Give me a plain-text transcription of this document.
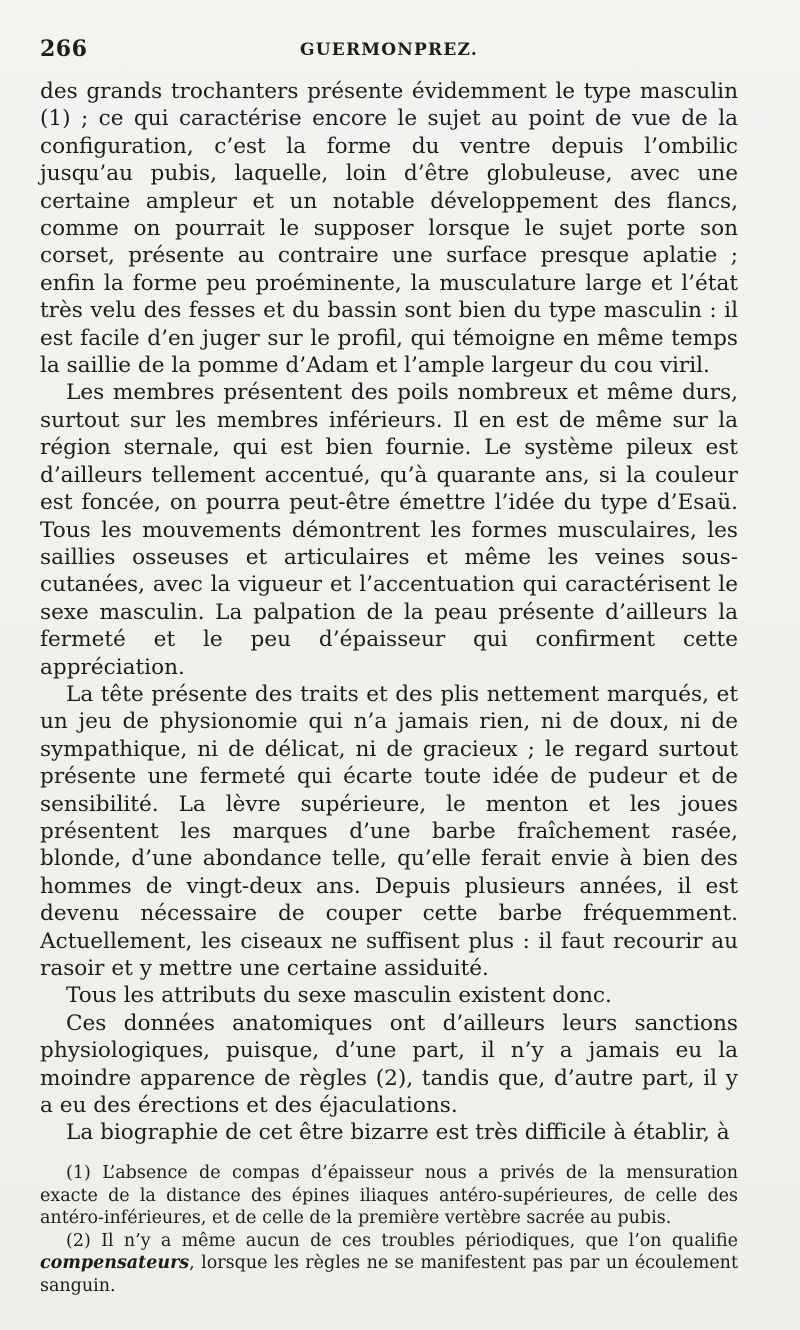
266	GUERMONPREZ.

des grands trochanters présente évidemment le type masculin (1) ; ce qui caractérise encore le sujet au point de vue de la configuration, c’est la forme du ventre depuis l’ombilic jusqu’au pubis, laquelle, loin d’être globuleuse, avec une certaine ampleur et un notable développement des flancs, comme on pourrait le supposer lorsque le sujet porte son corset, présente au contraire une surface presque aplatie ; enfin la forme peu proéminente, la musculature large et l’état très velu des fesses et du bassin sont bien du type masculin : il est facile d’en juger sur le profil, qui témoigne en même temps la saillie de la pomme d’Adam et l’ample largeur du cou viril.

Les membres présentent des poils nombreux et même durs, surtout sur les membres inférieurs. Il en est de même sur la région sternale, qui est bien fournie. Le système pileux est d’ailleurs tellement accentué, qu’à quarante ans, si la couleur est foncée, on pourra peut-être émettre l’idée du type d’Esaü. Tous les mouvements démontrent les formes musculaires, les saillies osseuses et articulaires et même les veines sous-cutanées, avec la vigueur et l’accentuation qui caractérisent le sexe masculin. La palpation de la peau présente d’ailleurs la fermeté et le peu d’épaisseur qui confirment cette appréciation.

La tête présente des traits et des plis nettement marqués, et un jeu de physionomie qui n’a jamais rien, ni de doux, ni de sympathique, ni de délicat, ni de gracieux ; le regard surtout présente une fermeté qui écarte toute idée de pudeur et de sensibilité. La lèvre supérieure, le menton et les joues présentent les marques d’une barbe fraîchement rasée, blonde, d’une abondance telle, qu’elle ferait envie à bien des hommes de vingt-deux ans. Depuis plusieurs années, il est devenu nécessaire de couper cette barbe fréquemment. Actuellement, les ciseaux ne suffisent plus : il faut recourir au rasoir et y mettre une certaine assiduité.

Tous les attributs du sexe masculin existent donc.

Ces données anatomiques ont d’ailleurs leurs sanctions physiologiques, puisque, d’une part, il n’y a jamais eu la moindre apparence de règles (2), tandis que, d’autre part, il y a eu des érections et des éjaculations.

La biographie de cet être bizarre est très difficile à établir, à

(1) L’absence de compas d’épaisseur nous a privés de la mensuration exacte de la distance des épines iliaques antéro-supérieures, de celle des antéro-inférieures, et de celle de la première vertèbre sacrée au pubis.

(2) Il n’y a même aucun de ces troubles périodiques, que l’on qualifie compensateurs, lorsque les règles ne se manifestent pas par un écoulement sanguin.
